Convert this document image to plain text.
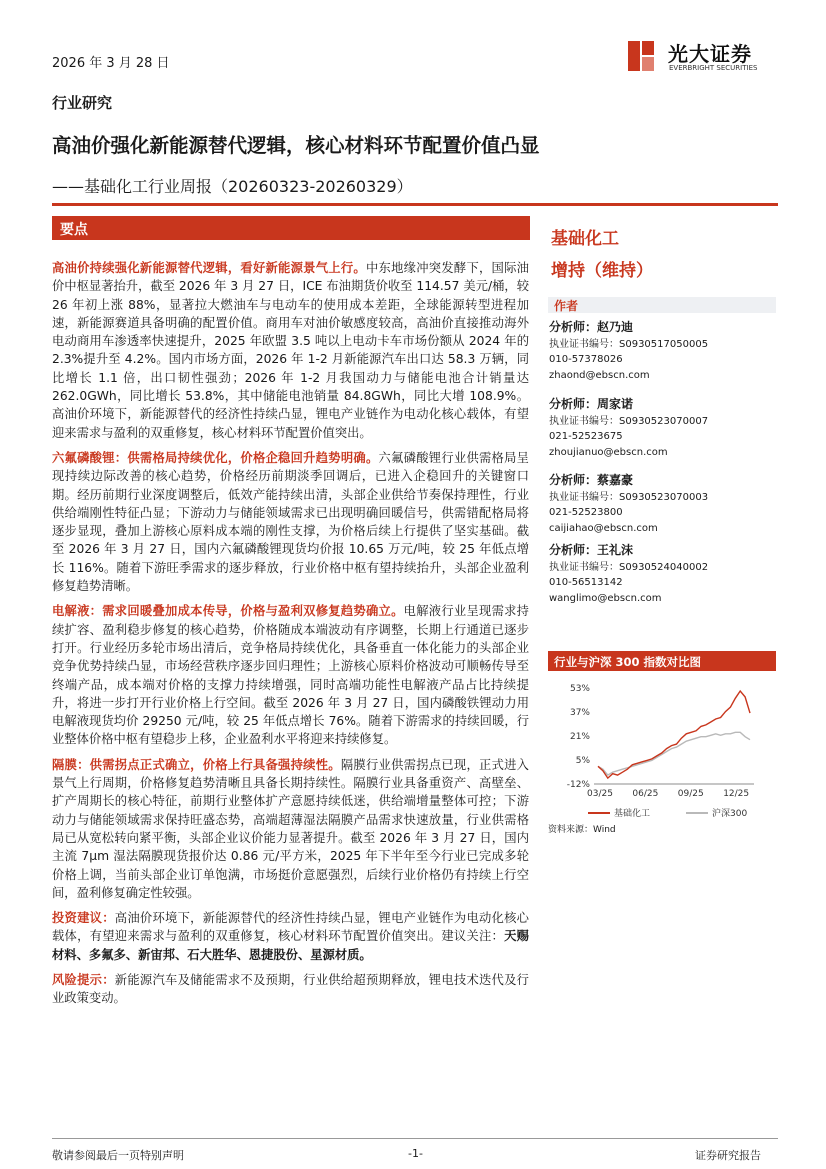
2026 年 3 月 28 日	光大证券
EVERBRIGHT SECURITIES
行业研究
高油价强化新能源替代逻辑，核心材料环节配置价值凸显
——基础化工行业周报（20260323-20260329）
要点

高油价持续强化新能源替代逻辑，看好新能源景气上行。中东地缘冲突发酵下，国际油价中枢显著抬升，截至 2026 年 3 月 27 日，ICE 布油期货价收至 114.57 美元/桶，较 26 年初上涨 88%，显著拉大燃油车与电动车的使用成本差距，全球能源转型进程加速，新能源赛道具备明确的配置价值。商用车对油价敏感度较高，高油价直接推动海外电动商用车渗透率快速提升，2025 年欧盟 3.5 吨以上电动卡车市场份额从 2024 年的 2.3%提升至 4.2%。国内市场方面，2026 年 1-2 月新能源汽车出口达 58.3 万辆，同比增长 1.1 倍，出口韧性强劲；2026 年 1-2 月我国动力与储能电池合计销量达 262.0GWh，同比增长 53.8%，其中储能电池销量 84.8GWh，同比大增 108.9%。高油价环境下，新能源替代的经济性持续凸显，锂电产业链作为电动化核心载体，有望迎来需求与盈利的双重修复，核心材料环节配置价值突出。

六氟磷酸锂：供需格局持续优化，价格企稳回升趋势明确。六氟磷酸锂行业供需格局呈现持续边际改善的核心趋势，价格经历前期淡季回调后，已进入企稳回升的关键窗口期。经历前期行业深度调整后，低效产能持续出清，头部企业供给节奏保持理性，行业供给端刚性特征凸显；下游动力与储能领域需求已出现明确回暖信号，供需错配格局将逐步显现，叠加上游核心原料成本端的刚性支撑，为价格后续上行提供了坚实基础。截至 2026 年 3 月 27 日，国内六氟磷酸锂现货均价报 10.65 万元/吨，较 25 年低点增长 116%。随着下游旺季需求的逐步释放，行业价格中枢有望持续抬升，头部企业盈利修复趋势清晰。

电解液：需求回暖叠加成本传导，价格与盈利双修复趋势确立。电解液行业呈现需求持续扩容、盈利稳步修复的核心趋势，价格随成本端波动有序调整，长期上行通道已逐步打开。行业经历多轮市场出清后，竞争格局持续优化，具备垂直一体化能力的头部企业竞争优势持续凸显，市场经营秩序逐步回归理性；上游核心原料价格波动可顺畅传导至终端产品，成本端对价格的支撑力持续增强，同时高端功能性电解液产品占比持续提升，将进一步打开行业价格上行空间。截至 2026 年 3 月 27 日，国内磷酸铁锂动力用电解液现货均价 29250 元/吨，较 25 年低点增长 76%。随着下游需求的持续回暖，行业整体价格中枢有望稳步上移，企业盈利水平将迎来持续修复。

隔膜：供需拐点正式确立，价格上行具备强持续性。隔膜行业供需拐点已现，正式进入景气上行周期，价格修复趋势清晰且具备长期持续性。隔膜行业具备重资产、高壁垒、扩产周期长的核心特征，前期行业整体扩产意愿持续低迷，供给端增量整体可控；下游动力与储能领域需求保持旺盛态势，高端超薄湿法隔膜产品需求快速放量，行业供需格局已从宽松转向紧平衡，头部企业议价能力显著提升。截至 2026 年 3 月 27 日，国内主流 7μm 湿法隔膜现货报价达 0.86 元/平方米，2025 年下半年至今行业已完成多轮价格上调，当前头部企业订单饱满，市场挺价意愿强烈，后续行业价格仍有持续上行空间，盈利修复确定性较强。

投资建议：高油价环境下，新能源替代的经济性持续凸显，锂电产业链作为电动化核心载体，有望迎来需求与盈利的双重修复，核心材料环节配置价值突出。建议关注：天赐材料、多氟多、新宙邦、石大胜华、恩捷股份、星源材质。

风险提示：新能源汽车及储能需求不及预期，行业供给超预期释放，锂电技术迭代及行业政策变动。

基础化工
增持（维持）
作者
分析师：赵乃迪
执业证书编号：S0930517050005
010-57378026
zhaond@ebscn.com
分析师：周家诺
执业证书编号：S0930523070007
021-52523675
zhoujianuo@ebscn.com
分析师：蔡嘉豪
执业证书编号：S0930523070003
021-52523800
caijiahao@ebscn.com
分析师：王礼沫
执业证书编号：S0930524040002
010-56513142
wanglimo@ebscn.com
行业与沪深 300 指数对比图
53%
37%
21%
5%
-12%
03/25 06/25 09/25 12/25
基础化工	沪深300
资料来源：Wind
敬请参阅最后一页特别声明	-1-	证券研究报告
